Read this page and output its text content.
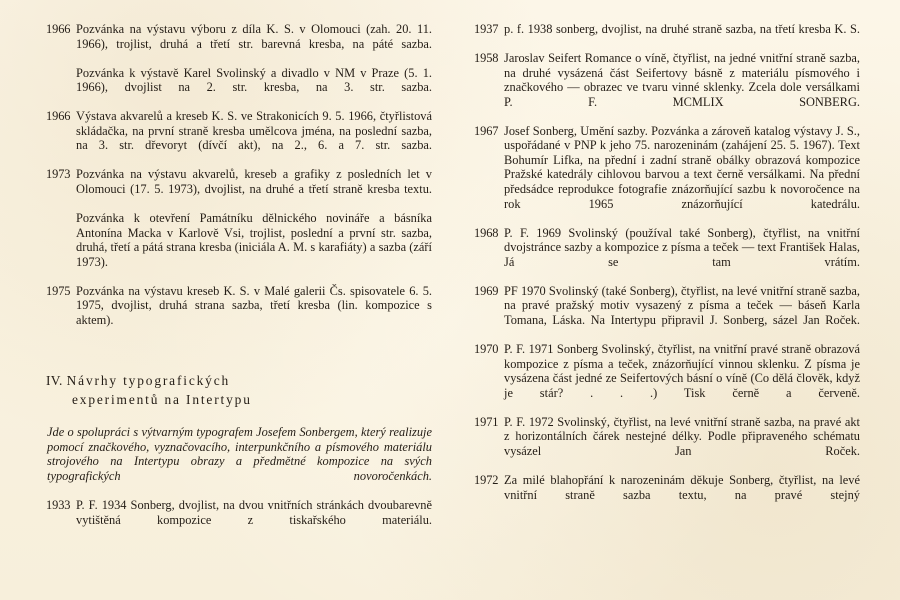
1966 Pozvánka na výstavu výboru z díla K. S. v Olomouci (zah. 20. 11. 1966), trojlist, druhá a třetí str. barevná kresba, na páté sazba.

Pozvánka k výstavě Karel Svolinský a divadlo v NM v Praze (5. 1. 1966), dvojlist na 2. str. kresba, na 3. str. sazba.

1966 Výstava akvarelů a kreseb K. S. ve Strakonicích 9. 5. 1966, čtyřlistová skládačka, na první straně kresba umělcova jména, na poslední sazba, na 3. str. dřevoryt (dívčí akt), na 2., 6. a 7. str. sazba.

1973 Pozvánka na výstavu akvarelů, kreseb a grafiky z posledních let v Olomouci (17. 5. 1973), dvojlist, na druhé a třetí straně kresba textu.

Pozvánka k otevření Památníku dělnického novináře a básníka Antonína Macka v Karlově Vsi, trojlist, poslední a první str. sazba, druhá, třetí a pátá strana kresba (iniciála A. M. s karafiáty) a sazba (září 1973).

1975 Pozvánka na výstavu kreseb K. S. v Malé galerii Čs. spisovatele 6. 5. 1975, dvojlist, druhá strana sazba, třetí kresba (lin. kompozice s aktem).

IV. Návrhy typografických
experimentů na Intertypu

Jde o spolupráci s výtvarným typografem Josefem Sonbergem, který realizuje pomocí značkového, vyznačovacího, interpunkčního a písmového materiálu strojového na Intertypu obrazy a předmětné kompozice na svých typografických novoročenkách.

1933 P. F. 1934 Sonberg, dvojlist, na dvou vnitřních stránkách dvoubarevně vytištěná kompozice z tiskařského materiálu.

1937 p. f. 1938 sonberg, dvojlist, na druhé straně sazba, na třetí kresba K. S.

1958 Jaroslav Seifert Romance o víně, čtyřlist, na jedné vnitřní straně sazba, na druhé vysázená část Seifertovy básně z materiálu písmového i značkového — obrazec ve tvaru vinné sklenky. Zcela dole versálkami P. F. MCMLIX SONBERG.

1967 Josef Sonberg, Umění sazby. Pozvánka a zároveň katalog výstavy J. S., uspořádané v PNP k jeho 75. narozeninám (zahájení 25. 5. 1967). Text Bohumír Lifka, na přední i zadní straně obálky obrazová kompozice Pražské katedrály cihlovou barvou a text černě versálkami. Na přední předsádce reprodukce fotografie znázorňující sazbu k novoročence na rok 1965 znázorňující katedrálu.

1968 P. F. 1969 Svolinský (používal také Sonberg), čtyřlist, na vnitřní dvojstránce sazby a kompozice z písma a teček — text František Halas, Já se tam vrátím.

1969 PF 1970 Svolinský (také Sonberg), čtyřlist, na levé vnitřní straně sazba, na pravé pražský motiv vysazený z písma a teček — báseň Karla Tomana, Láska. Na Intertypu připravil J. Sonberg, sázel Jan Roček.

1970 P. F. 1971 Sonberg Svolinský, čtyřlist, na vnitřní pravé straně obrazová kompozice z písma a teček, znázorňující vinnou sklenku. Z písma je vysázena část jedné ze Seifertových básní o víně (Co dělá člověk, když je stár? . . .) Tisk černě a červeně.

1971 P. F. 1972 Svolinský, čtyřlist, na levé vnitřní straně sazba, na pravé akt z horizontálních čárek nestejné délky. Podle připraveného schématu vysázel Jan Roček.

1972 Za milé blahopřání k narozeninám děkuje Sonberg, čtyřlist, na levé vnitřní straně sazba textu, na pravé stejný
